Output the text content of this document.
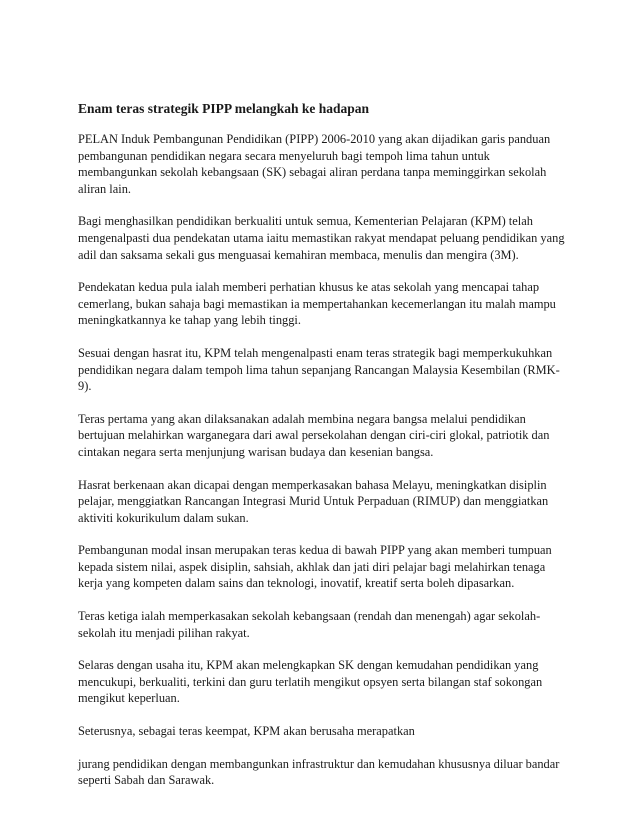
Enam teras strategik PIPP melangkah ke hadapan

PELAN Induk Pembangunan Pendidikan (PIPP) 2006-2010 yang akan dijadikan garis panduan pembangunan pendidikan negara secara menyeluruh bagi tempoh lima tahun untuk membangunkan sekolah kebangsaan (SK) sebagai aliran perdana tanpa meminggirkan sekolah aliran lain.

Bagi menghasilkan pendidikan berkualiti untuk semua, Kementerian Pelajaran (KPM) telah mengenalpasti dua pendekatan utama iaitu memastikan rakyat mendapat peluang pendidikan yang adil dan saksama sekali gus menguasai kemahiran membaca, menulis dan mengira (3M).

Pendekatan kedua pula ialah memberi perhatian khusus ke atas sekolah yang mencapai tahap cemerlang, bukan sahaja bagi memastikan ia mempertahankan kecemerlangan itu malah mampu meningkatkannya ke tahap yang lebih tinggi.

Sesuai dengan hasrat itu, KPM telah mengenalpasti enam teras strategik bagi memperkukuhkan pendidikan negara dalam tempoh lima tahun sepanjang Rancangan Malaysia Kesembilan (RMK-9).

Teras pertama yang akan dilaksanakan adalah membina negara bangsa melalui pendidikan bertujuan melahirkan warganegara dari awal persekolahan dengan ciri-ciri glokal, patriotik dan cintakan negara serta menjunjung warisan budaya dan kesenian bangsa.

Hasrat berkenaan akan dicapai dengan memperkasakan bahasa Melayu, meningkatkan disiplin pelajar, menggiatkan Rancangan Integrasi Murid Untuk Perpaduan (RIMUP) dan menggiatkan aktiviti kokurikulum dalam sukan.

Pembangunan modal insan merupakan teras kedua di bawah PIPP yang akan memberi tumpuan kepada sistem nilai, aspek disiplin, sahsiah, akhlak dan jati diri pelajar bagi melahirkan tenaga kerja yang kompeten dalam sains dan teknologi, inovatif, kreatif serta boleh dipasarkan.

Teras ketiga ialah memperkasakan sekolah kebangsaan (rendah dan menengah) agar sekolah-sekolah itu menjadi pilihan rakyat.

Selaras dengan usaha itu, KPM akan melengkapkan SK dengan kemudahan pendidikan yang mencukupi, berkualiti, terkini dan guru terlatih mengikut opsyen serta bilangan staf sokongan mengikut keperluan.

Seterusnya, sebagai teras keempat, KPM akan berusaha merapatkan

jurang pendidikan dengan membangunkan infrastruktur dan kemudahan khususnya diluar bandar seperti Sabah dan Sarawak.
